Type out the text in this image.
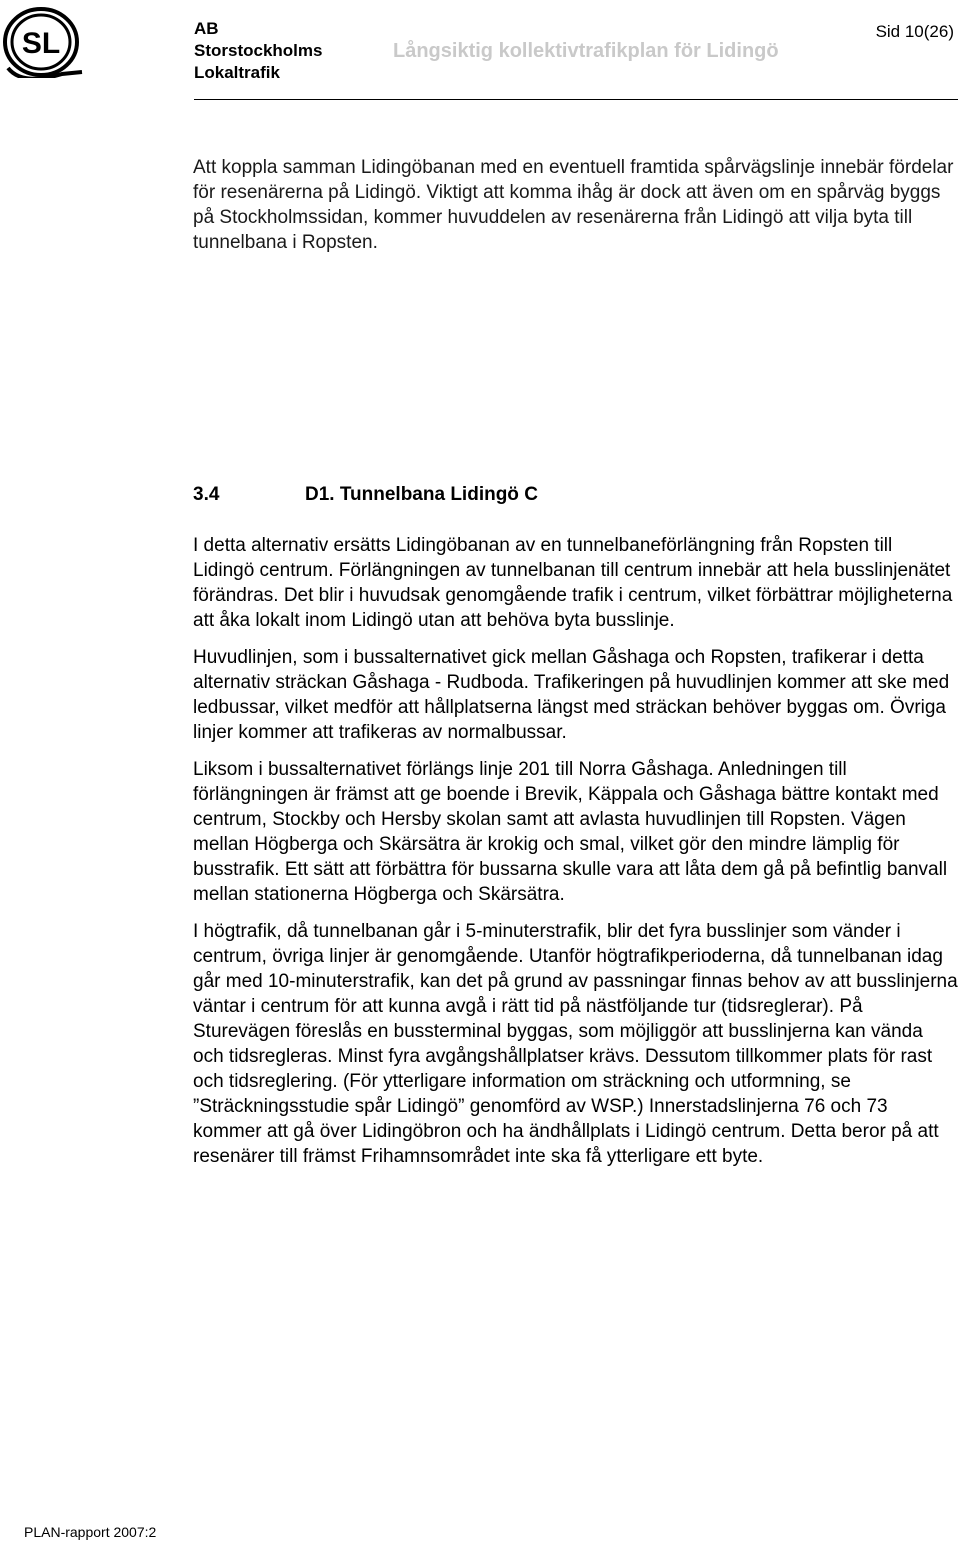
SL	AB
Storstockholms
Lokaltrafik
Långsiktig kollektivtrafikplan för Lidingö
Sid 10(26)

Att koppla samman Lidingöbanan med en eventuell framtida spårvägslinje innebär fördelar för resenärerna på Lidingö. Viktigt att komma ihåg är dock att även om en spårväg byggs på Stockholmssidan, kommer huvuddelen av resenärerna från Lidingö att vilja byta till tunnelbana i Ropsten.

3.4	D1. Tunnelbana Lidingö C

I detta alternativ ersätts Lidingöbanan av en tunnelbaneförlängning från Ropsten till Lidingö centrum. Förlängningen av tunnelbanan till centrum innebär att hela busslinjenätet förändras. Det blir i huvudsak genomgående trafik i centrum, vilket förbättrar möjligheterna att åka lokalt inom Lidingö utan att behöva byta busslinje.

Huvudlinjen, som i bussalternativet gick mellan Gåshaga och Ropsten, trafikerar i detta alternativ sträckan Gåshaga - Rudboda. Trafikeringen på huvudlinjen kommer att ske med ledbussar, vilket medför att hållplatserna längst med sträckan behöver byggas om. Övriga linjer kommer att trafikeras av normalbussar.

Liksom i bussalternativet förlängs linje 201 till Norra Gåshaga. Anledningen till förlängningen är främst att ge boende i Brevik, Käppala och Gåshaga bättre kontakt med centrum, Stockby och Hersby skolan samt att avlasta huvudlinjen till Ropsten. Vägen mellan Högberga och Skärsätra är krokig och smal, vilket gör den mindre lämplig för busstrafik. Ett sätt att förbättra för bussarna skulle vara att låta dem gå på befintlig banvall mellan stationerna Högberga och Skärsätra.

I högtrafik, då tunnelbanan går i 5-minuterstrafik, blir det fyra busslinjer som vänder i centrum, övriga linjer är genomgående. Utanför högtrafikperioderna, då tunnelbanan idag går med 10-minuterstrafik, kan det på grund av passningar finnas behov av att busslinjerna väntar i centrum för att kunna avgå i rätt tid på nästföljande tur (tidsreglerar). På Sturevägen föreslås en bussterminal byggas, som möjliggör att busslinjerna kan vända och tidsregleras. Minst fyra avgångshållplatser krävs. Dessutom tillkommer plats för rast och tidsreglering. (För ytterligare information om sträckning och utformning, se ”Sträckningsstudie spår Lidingö” genomförd av WSP.) Innerstadslinjerna 76 och 73 kommer att gå över Lidingöbron och ha ändhållplats i Lidingö centrum. Detta beror på att resenärer till främst Frihamnsområdet inte ska få ytterligare ett byte.

PLAN-rapport 2007:2
